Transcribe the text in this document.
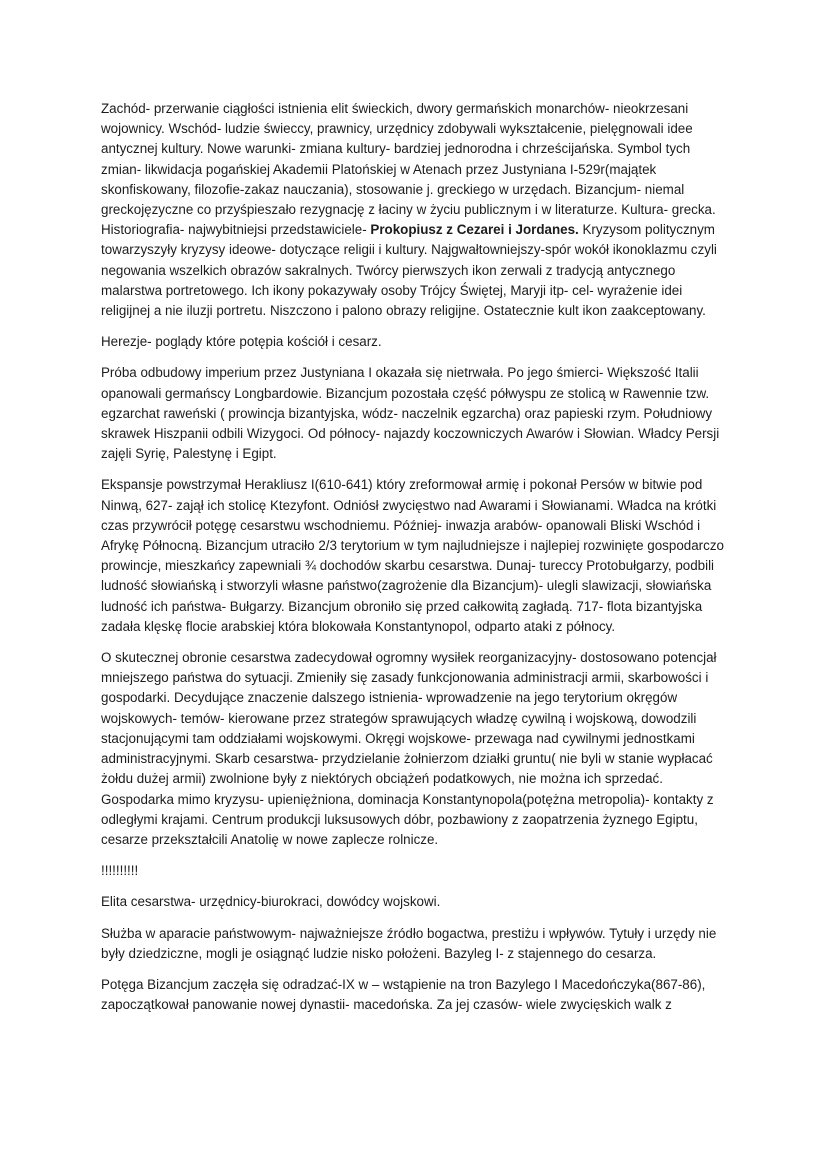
Zachód- przerwanie ciągłości istnienia elit świeckich, dwory germańskich monarchów- nieokrzesani wojownicy. Wschód- ludzie świeccy, prawnicy, urzędnicy zdobywali wykształcenie, pielęgnowali idee antycznej kultury. Nowe warunki- zmiana kultury- bardziej jednorodna i chrześcijańska. Symbol tych zmian- likwidacja pogańskiej Akademii Platońskiej w Atenach przez Justyniana I-529r(majątek skonfiskowany, filozofie-zakaz nauczania), stosowanie j. greckiego w urzędach. Bizancjum- niemal greckojęzyczne co przyśpieszało rezygnację z łaciny w życiu publicznym i w literaturze. Kultura- grecka. Historiografia- najwybitniejsi przedstawiciele- Prokopiusz z Cezarei i Jordanes. Kryzysom politycznym towarzyszyły kryzysy ideowe- dotyczące religii i kultury. Najgwałtowniejszy-spór wokół ikonoklazmu czyli negowania wszelkich obrazów sakralnych. Twórcy pierwszych ikon zerwali z tradycją antycznego malarstwa portretowego. Ich ikony pokazywały osoby Trójcy Świętej, Maryji itp- cel- wyrażenie idei religijnej a nie iluzji portretu. Niszczono i palono obrazy religijne. Ostatecznie kult ikon zaakceptowany.

Herezje- poglądy które potępia kościół i cesarz.

Próba odbudowy imperium przez Justyniana I okazała się nietrwała. Po jego śmierci- Większość Italii opanowali germańscy Longbardowie. Bizancjum pozostała część półwyspu ze stolicą w Rawennie tzw. egzarchat raweński ( prowincja bizantyjska, wódz- naczelnik egzarcha) oraz papieski rzym. Południowy skrawek Hiszpanii odbili Wizygoci. Od północy- najazdy koczowniczych Awarów i Słowian. Władcy Persji zajęli Syrię, Palestynę i Egipt.

Ekspansje powstrzymał Herakliusz I(610-641) który zreformował armię i pokonał Persów w bitwie pod Ninwą, 627- zajął ich stolicę Ktezyfont. Odniósł zwycięstwo nad Awarami i Słowianami. Władca na krótki czas przywrócił potęgę cesarstwu wschodniemu. Później- inwazja arabów- opanowali Bliski Wschód i Afrykę Północną. Bizancjum utraciło 2/3 terytorium w tym najludniejsze i najlepiej rozwinięte gospodarczo prowincje, mieszkańcy zapewniali ¾ dochodów skarbu cesarstwa. Dunaj- tureccy Protobułgarzy, podbili ludność słowiańską i stworzyli własne państwo(zagrożenie dla Bizancjum)- ulegli slawizacji, słowiańska ludność ich państwa- Bułgarzy. Bizancjum obroniło się przed całkowitą zagładą. 717- flota bizantyjska zadała klęskę flocie arabskiej która blokowała Konstantynopol, odparto ataki z północy.

O skutecznej obronie cesarstwa zadecydował ogromny wysiłek reorganizacyjny- dostosowano potencjał mniejszego państwa do sytuacji. Zmieniły się zasady funkcjonowania administracji armii, skarbowości i gospodarki. Decydujące znaczenie dalszego istnienia- wprowadzenie na jego terytorium okręgów wojskowych- temów- kierowane przez strategów sprawujących władzę cywilną i wojskową, dowodzili stacjonującymi tam oddziałami wojskowymi. Okręgi wojskowe- przewaga nad cywilnymi jednostkami administracyjnymi. Skarb cesarstwa- przydzielanie żołnierzom działki gruntu( nie byli w stanie wypłacać żołdu dużej armii) zwolnione były z niektórych obciążeń podatkowych, nie można ich sprzedać. Gospodarka mimo kryzysu- upieniężniona, dominacja Konstantynopola(potężna metropolia)- kontakty z odległymi krajami. Centrum produkcji luksusowych dóbr, pozbawiony z zaopatrzenia żyznego Egiptu, cesarze przekształcili Anatolię w nowe zaplecze rolnicze.

!!!!!!!!!!

Elita cesarstwa- urzędnicy-biurokraci, dowódcy wojskowi.

Służba w aparacie państwowym- najważniejsze źródło bogactwa, prestiżu i wpływów. Tytuły i urzędy nie były dziedziczne, mogli je osiągnąć ludzie nisko położeni. Bazyleg I- z stajennego do cesarza.

Potęga Bizancjum zaczęła się odradzać-IX w – wstąpienie na tron Bazylego I Macedończyka(867-86), zapoczątkował panowanie nowej dynastii- macedońska. Za jej czasów- wiele zwycięskich walk z
